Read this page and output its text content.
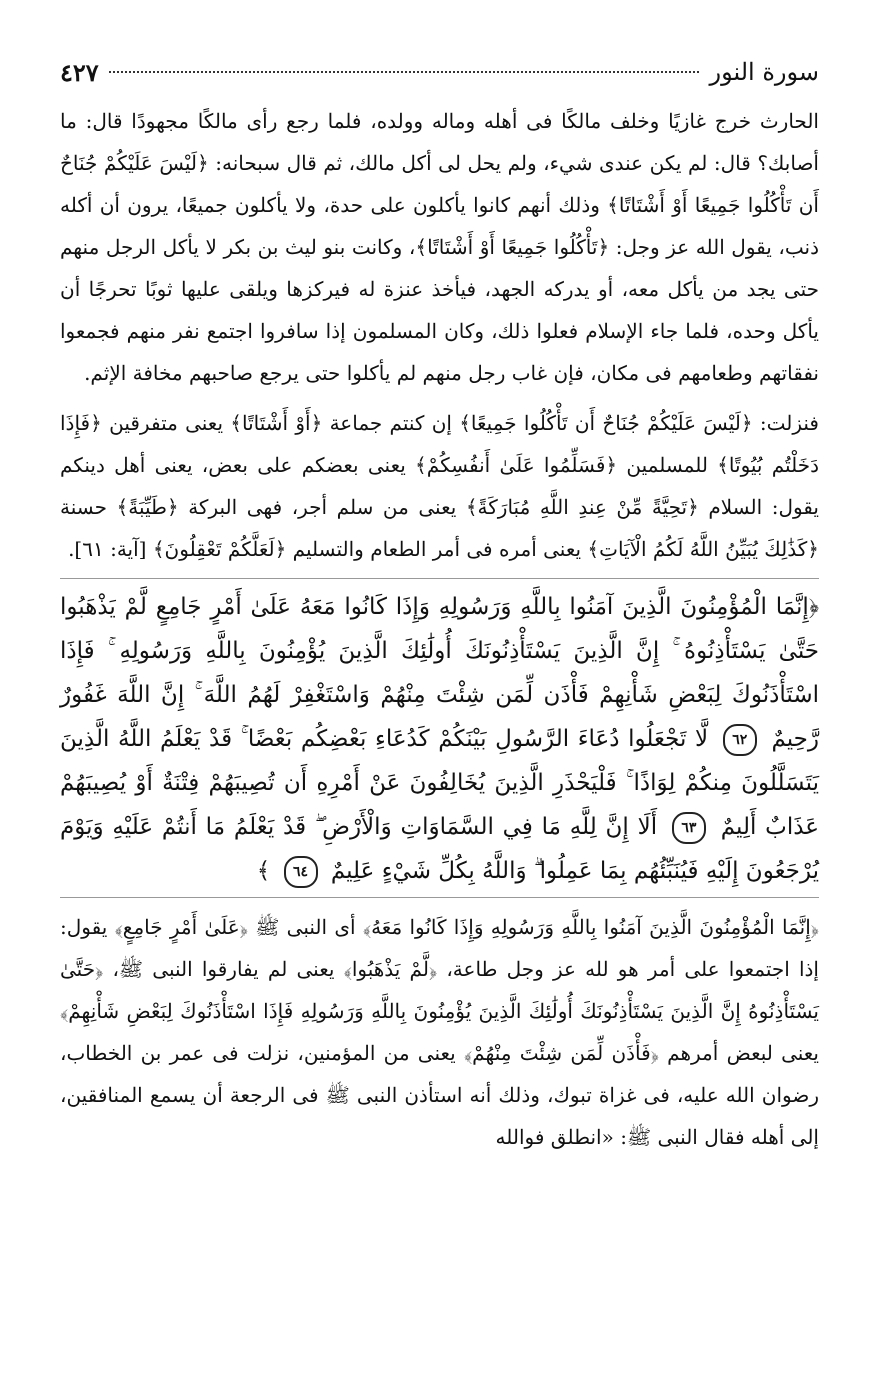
سورة النور
٤٢٧

الحارث خرج غازيًا وخلف مالكًا فى أهله وماله وولده، فلما رجع رأى مالكًا مجهودًا قال: ما أصابك؟ قال: لم يكن عندى شيء، ولم يحل لى أكل مالك، ثم قال سبحانه: ﴿لَيْسَ عَلَيْكُمْ جُنَاحٌ أَن تَأْكُلُوا جَمِيعًا أَوْ أَشْتَاتًا﴾ وذلك أنهم كانوا يأكلون على حدة، ولا يأكلون جميعًا، يرون أن أكله ذنب، يقول الله عز وجل: ﴿تَأْكُلُوا جَمِيعًا أَوْ أَشْتَاتًا﴾، وكانت بنو ليث بن بكر لا يأكل الرجل منهم حتى يجد من يأكل معه، أو يدركه الجهد، فيأخذ عنزة له فيركزها ويلقى عليها ثوبًا تحرجًا أن يأكل وحده، فلما جاء الإسلام فعلوا ذلك، وكان المسلمون إذا سافروا اجتمع نفر منهم فجمعوا نفقاتهم وطعامهم فى مكان، فإن غاب رجل منهم لم يأكلوا حتى يرجع صاحبهم مخافة الإثم.

فنزلت: ﴿لَيْسَ عَلَيْكُمْ جُنَاحٌ أَن تَأْكُلُوا جَمِيعًا﴾ إن كنتم جماعة ﴿أَوْ أَشْتَاتًا﴾ يعنى متفرقين ﴿فَإِذَا دَخَلْتُم بُيُوتًا﴾ للمسلمين ﴿فَسَلِّمُوا عَلَىٰ أَنفُسِكُمْ﴾ يعنى بعضكم على بعض، يعنى أهل دينكم يقول: السلام ﴿تَحِيَّةً مِّنْ عِندِ اللَّهِ مُبَارَكَةً﴾ يعنى من سلم أجر، فهى البركة ﴿طَيِّبَةً﴾ حسنة ﴿كَذَٰلِكَ يُبَيِّنُ اللَّهُ لَكُمُ الْآيَاتِ﴾ يعنى أمره فى أمر الطعام والتسليم ﴿لَعَلَّكُمْ تَعْقِلُونَ﴾ [آية: ٦١].

﴿إِنَّمَا الْمُؤْمِنُونَ الَّذِينَ آمَنُوا بِاللَّهِ وَرَسُولِهِ وَإِذَا كَانُوا مَعَهُ عَلَىٰ أَمْرٍ جَامِعٍ لَّمْ يَذْهَبُوا حَتَّىٰ يَسْتَأْذِنُوهُ ۚ إِنَّ الَّذِينَ يَسْتَأْذِنُونَكَ أُولَٰئِكَ الَّذِينَ يُؤْمِنُونَ بِاللَّهِ وَرَسُولِهِ ۚ فَإِذَا اسْتَأْذَنُوكَ لِبَعْضِ شَأْنِهِمْ فَأْذَن لِّمَن شِئْتَ مِنْهُمْ وَاسْتَغْفِرْ لَهُمُ اللَّهَ ۚ إِنَّ اللَّهَ غَفُورٌ رَّحِيمٌ ٦٢ لَّا تَجْعَلُوا دُعَاءَ الرَّسُولِ بَيْنَكُمْ كَدُعَاءِ بَعْضِكُم بَعْضًا ۚ قَدْ يَعْلَمُ اللَّهُ الَّذِينَ يَتَسَلَّلُونَ مِنكُمْ لِوَاذًا ۚ فَلْيَحْذَرِ الَّذِينَ يُخَالِفُونَ عَنْ أَمْرِهِ أَن تُصِيبَهُمْ فِتْنَةٌ أَوْ يُصِيبَهُمْ عَذَابٌ أَلِيمٌ ٦٣ أَلَا إِنَّ لِلَّهِ مَا فِي السَّمَاوَاتِ وَالْأَرْضِ ۖ قَدْ يَعْلَمُ مَا أَنتُمْ عَلَيْهِ وَيَوْمَ يُرْجَعُونَ إِلَيْهِ فَيُنَبِّئُهُم بِمَا عَمِلُوا ۗ وَاللَّهُ بِكُلِّ شَيْءٍ عَلِيمٌ ٦٤ ﴾

﴿إِنَّمَا الْمُؤْمِنُونَ الَّذِينَ آمَنُوا بِاللَّهِ وَرَسُولِهِ وَإِذَا كَانُوا مَعَهُ﴾ أى النبى ﷺ ﴿عَلَىٰ أَمْرٍ جَامِعٍ﴾ يقول: إذا اجتمعوا على أمر هو لله عز وجل طاعة، ﴿لَّمْ يَذْهَبُوا﴾ يعنى لم يفارقوا النبى ﷺ، ﴿حَتَّىٰ يَسْتَأْذِنُوهُ إِنَّ الَّذِينَ يَسْتَأْذِنُونَكَ أُولَٰئِكَ الَّذِينَ يُؤْمِنُونَ بِاللَّهِ وَرَسُولِهِ فَإِذَا اسْتَأْذَنُوكَ لِبَعْضِ شَأْنِهِمْ﴾ يعنى لبعض أمرهم ﴿فَأْذَن لِّمَن شِئْتَ مِنْهُمْ﴾ يعنى من المؤمنين، نزلت فى عمر بن الخطاب، رضوان الله عليه، فى غزاة تبوك، وذلك أنه استأذن النبى ﷺ فى الرجعة أن يسمع المنافقين، إلى أهله فقال النبى ﷺ: «انطلق فوالله
